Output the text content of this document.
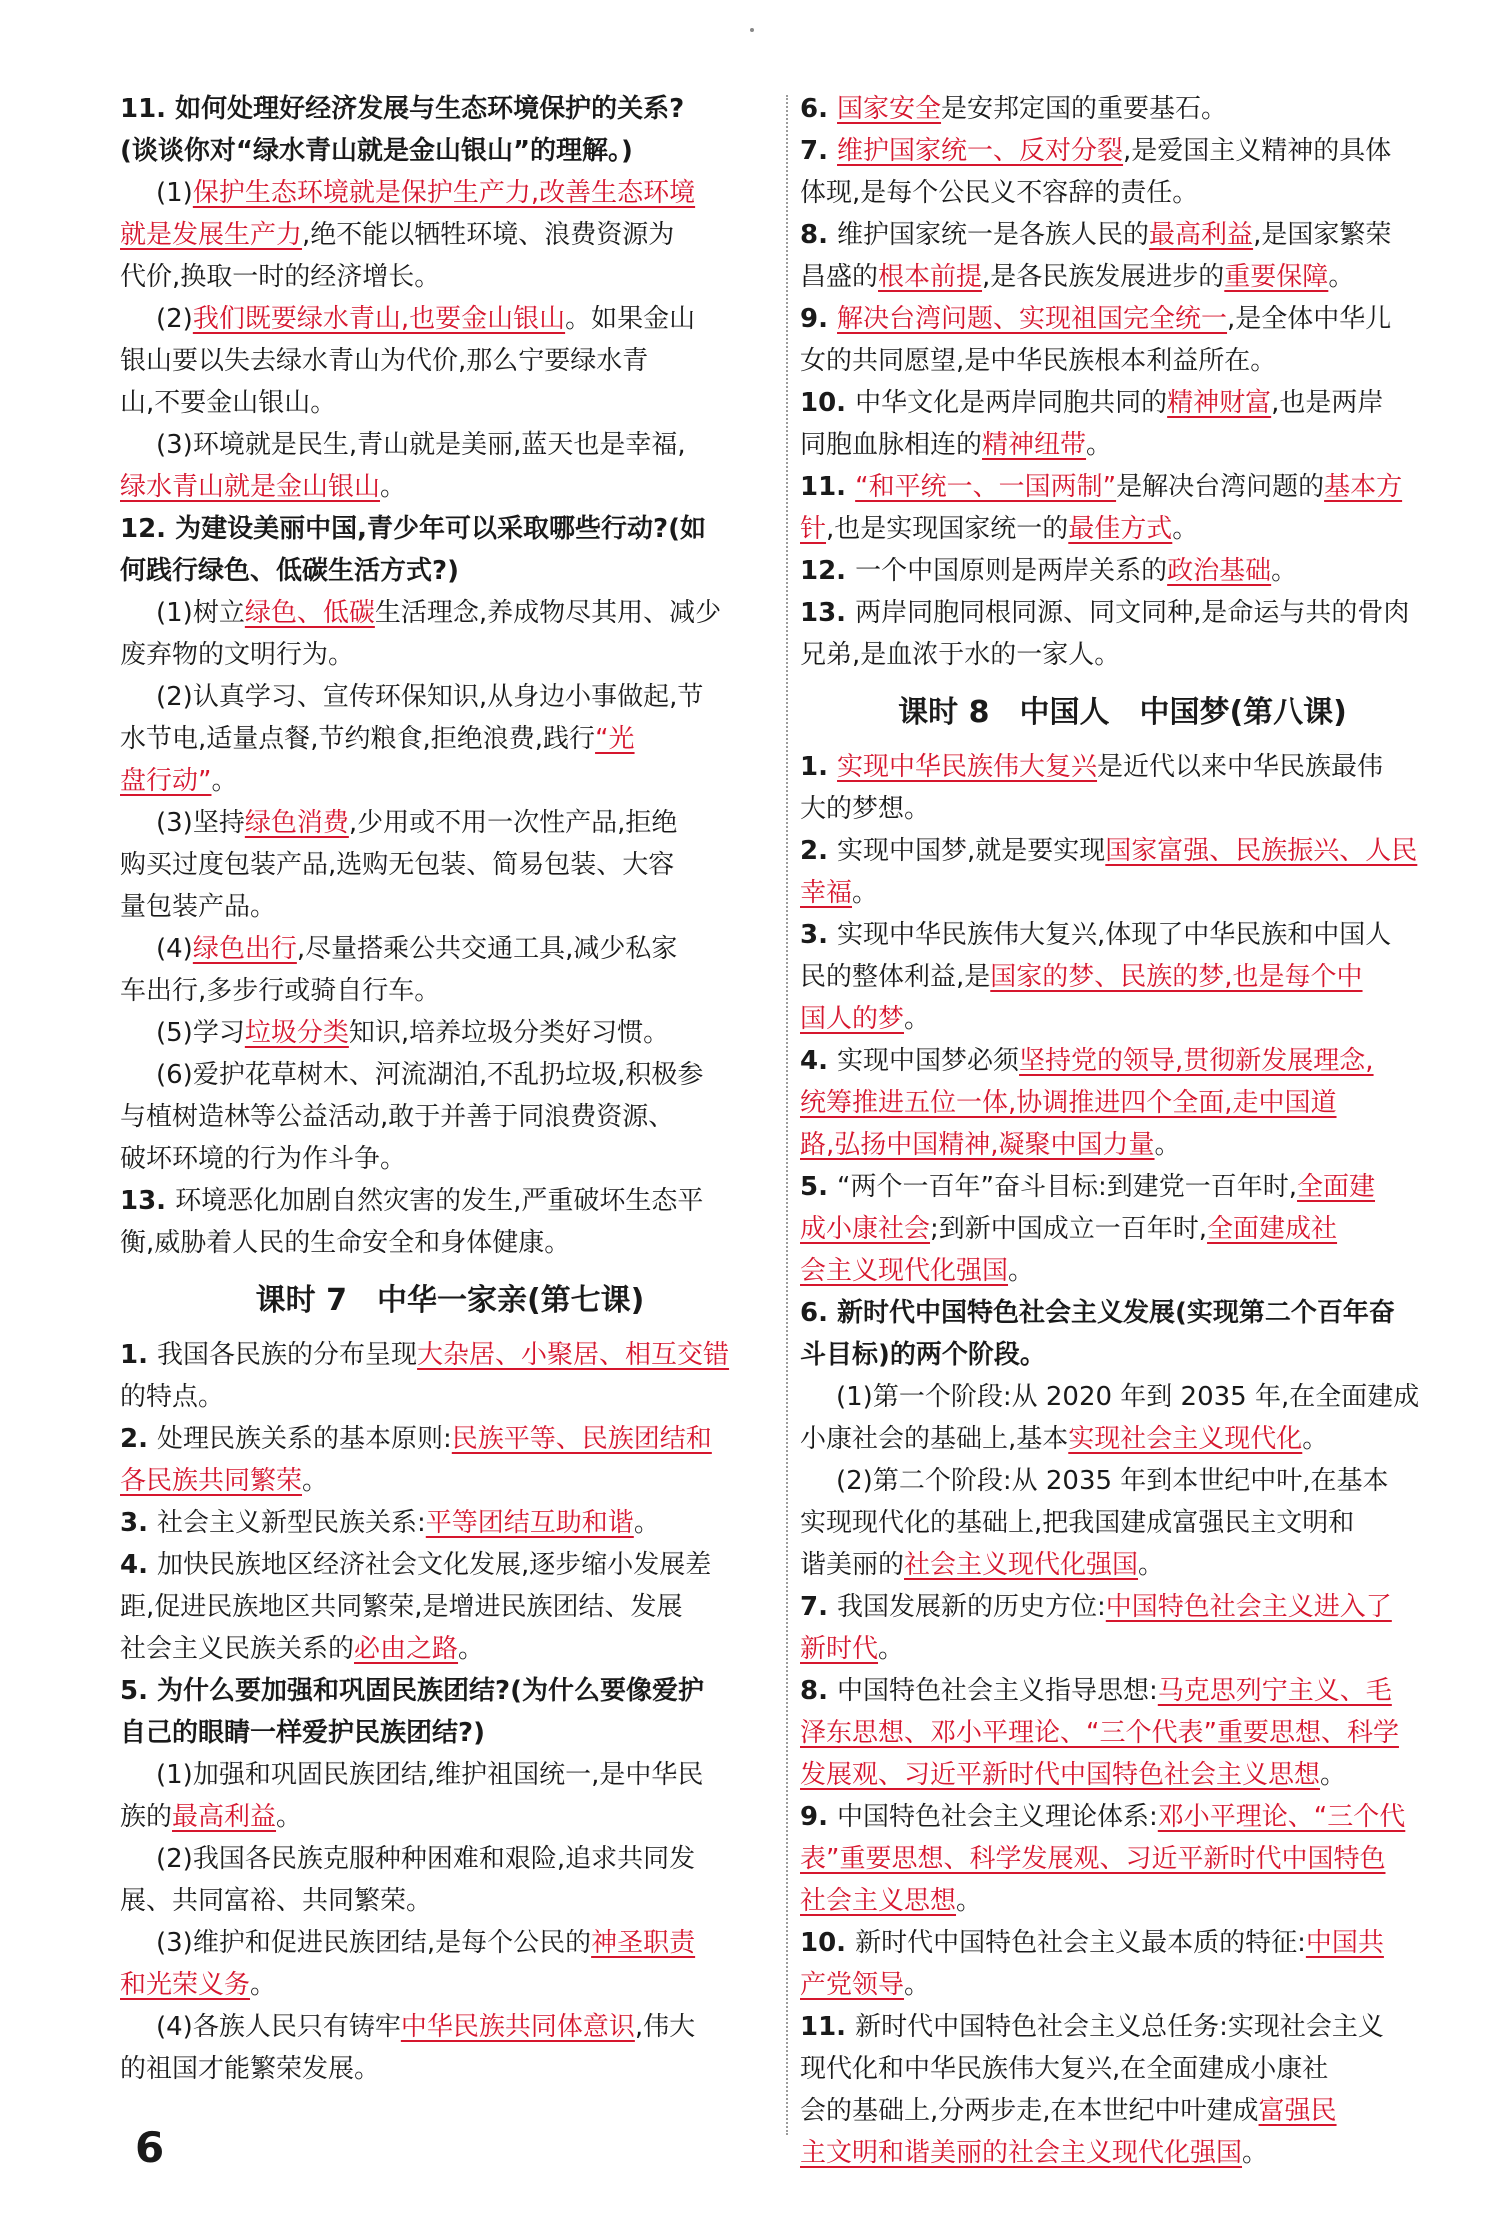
11. 如何处理好经济发展与生态环境保护的关系?
(谈谈你对“绿水青山就是金山银山”的理解。)
(1)保护生态环境就是保护生产力,改善生态环境
就是发展生产力,绝不能以牺牲环境、浪费资源为
代价,换取一时的经济增长。
(2)我们既要绿水青山,也要金山银山。如果金山
银山要以失去绿水青山为代价,那么宁要绿水青
山,不要金山银山。
(3)环境就是民生,青山就是美丽,蓝天也是幸福,
绿水青山就是金山银山。
12. 为建设美丽中国,青少年可以采取哪些行动?(如
何践行绿色、低碳生活方式?)
(1)树立绿色、低碳生活理念,养成物尽其用、减少
废弃物的文明行为。
(2)认真学习、宣传环保知识,从身边小事做起,节
水节电,适量点餐,节约粮食,拒绝浪费,践行“光
盘行动”。
(3)坚持绿色消费,少用或不用一次性产品,拒绝
购买过度包装产品,选购无包装、简易包装、大容
量包装产品。
(4)绿色出行,尽量搭乘公共交通工具,减少私家
车出行,多步行或骑自行车。
(5)学习垃圾分类知识,培养垃圾分类好习惯。
(6)爱护花草树木、河流湖泊,不乱扔垃圾,积极参
与植树造林等公益活动,敢于并善于同浪费资源、
破坏环境的行为作斗争。
13. 环境恶化加剧自然灾害的发生,严重破坏生态平
衡,威胁着人民的生命安全和身体健康。
课时 7　中华一家亲(第七课)
1. 我国各民族的分布呈现大杂居、小聚居、相互交错
的特点。
2. 处理民族关系的基本原则:民族平等、民族团结和
各民族共同繁荣。
3. 社会主义新型民族关系:平等团结互助和谐。
4. 加快民族地区经济社会文化发展,逐步缩小发展差
距,促进民族地区共同繁荣,是增进民族团结、发展
社会主义民族关系的必由之路。
5. 为什么要加强和巩固民族团结?(为什么要像爱护
自己的眼睛一样爱护民族团结?)
(1)加强和巩固民族团结,维护祖国统一,是中华民
族的最高利益。
(2)我国各民族克服种种困难和艰险,追求共同发
展、共同富裕、共同繁荣。
(3)维护和促进民族团结,是每个公民的神圣职责
和光荣义务。
(4)各族人民只有铸牢中华民族共同体意识,伟大
的祖国才能繁荣发展。
6. 国家安全是安邦定国的重要基石。
7. 维护国家统一、反对分裂,是爱国主义精神的具体
体现,是每个公民义不容辞的责任。
8. 维护国家统一是各族人民的最高利益,是国家繁荣
昌盛的根本前提,是各民族发展进步的重要保障。
9. 解决台湾问题、实现祖国完全统一,是全体中华儿
女的共同愿望,是中华民族根本利益所在。
10. 中华文化是两岸同胞共同的精神财富,也是两岸
同胞血脉相连的精神纽带。
11. “和平统一、一国两制”是解决台湾问题的基本方
针,也是实现国家统一的最佳方式。
12. 一个中国原则是两岸关系的政治基础。
13. 两岸同胞同根同源、同文同种,是命运与共的骨肉
兄弟,是血浓于水的一家人。
课时 8　中国人　中国梦(第八课)
1. 实现中华民族伟大复兴是近代以来中华民族最伟
大的梦想。
2. 实现中国梦,就是要实现国家富强、民族振兴、人民
幸福。
3. 实现中华民族伟大复兴,体现了中华民族和中国人
民的整体利益,是国家的梦、民族的梦,也是每个中
国人的梦。
4. 实现中国梦必须坚持党的领导,贯彻新发展理念,
统筹推进五位一体,协调推进四个全面,走中国道
路,弘扬中国精神,凝聚中国力量。
5. “两个一百年”奋斗目标:到建党一百年时,全面建
成小康社会;到新中国成立一百年时,全面建成社
会主义现代化强国。
6. 新时代中国特色社会主义发展(实现第二个百年奋
斗目标)的两个阶段。
(1)第一个阶段:从 2020 年到 2035 年,在全面建成
小康社会的基础上,基本实现社会主义现代化。
(2)第二个阶段:从 2035 年到本世纪中叶,在基本
实现现代化的基础上,把我国建成富强民主文明和
谐美丽的社会主义现代化强国。
7. 我国发展新的历史方位:中国特色社会主义进入了
新时代。
8. 中国特色社会主义指导思想:马克思列宁主义、毛
泽东思想、邓小平理论、“三个代表”重要思想、科学
发展观、习近平新时代中国特色社会主义思想。
9. 中国特色社会主义理论体系:邓小平理论、“三个代
表”重要思想、科学发展观、习近平新时代中国特色
社会主义思想。
10. 新时代中国特色社会主义最本质的特征:中国共
产党领导。
11. 新时代中国特色社会主义总任务:实现社会主义
现代化和中华民族伟大复兴,在全面建成小康社
会的基础上,分两步走,在本世纪中叶建成富强民
主文明和谐美丽的社会主义现代化强国。
6
